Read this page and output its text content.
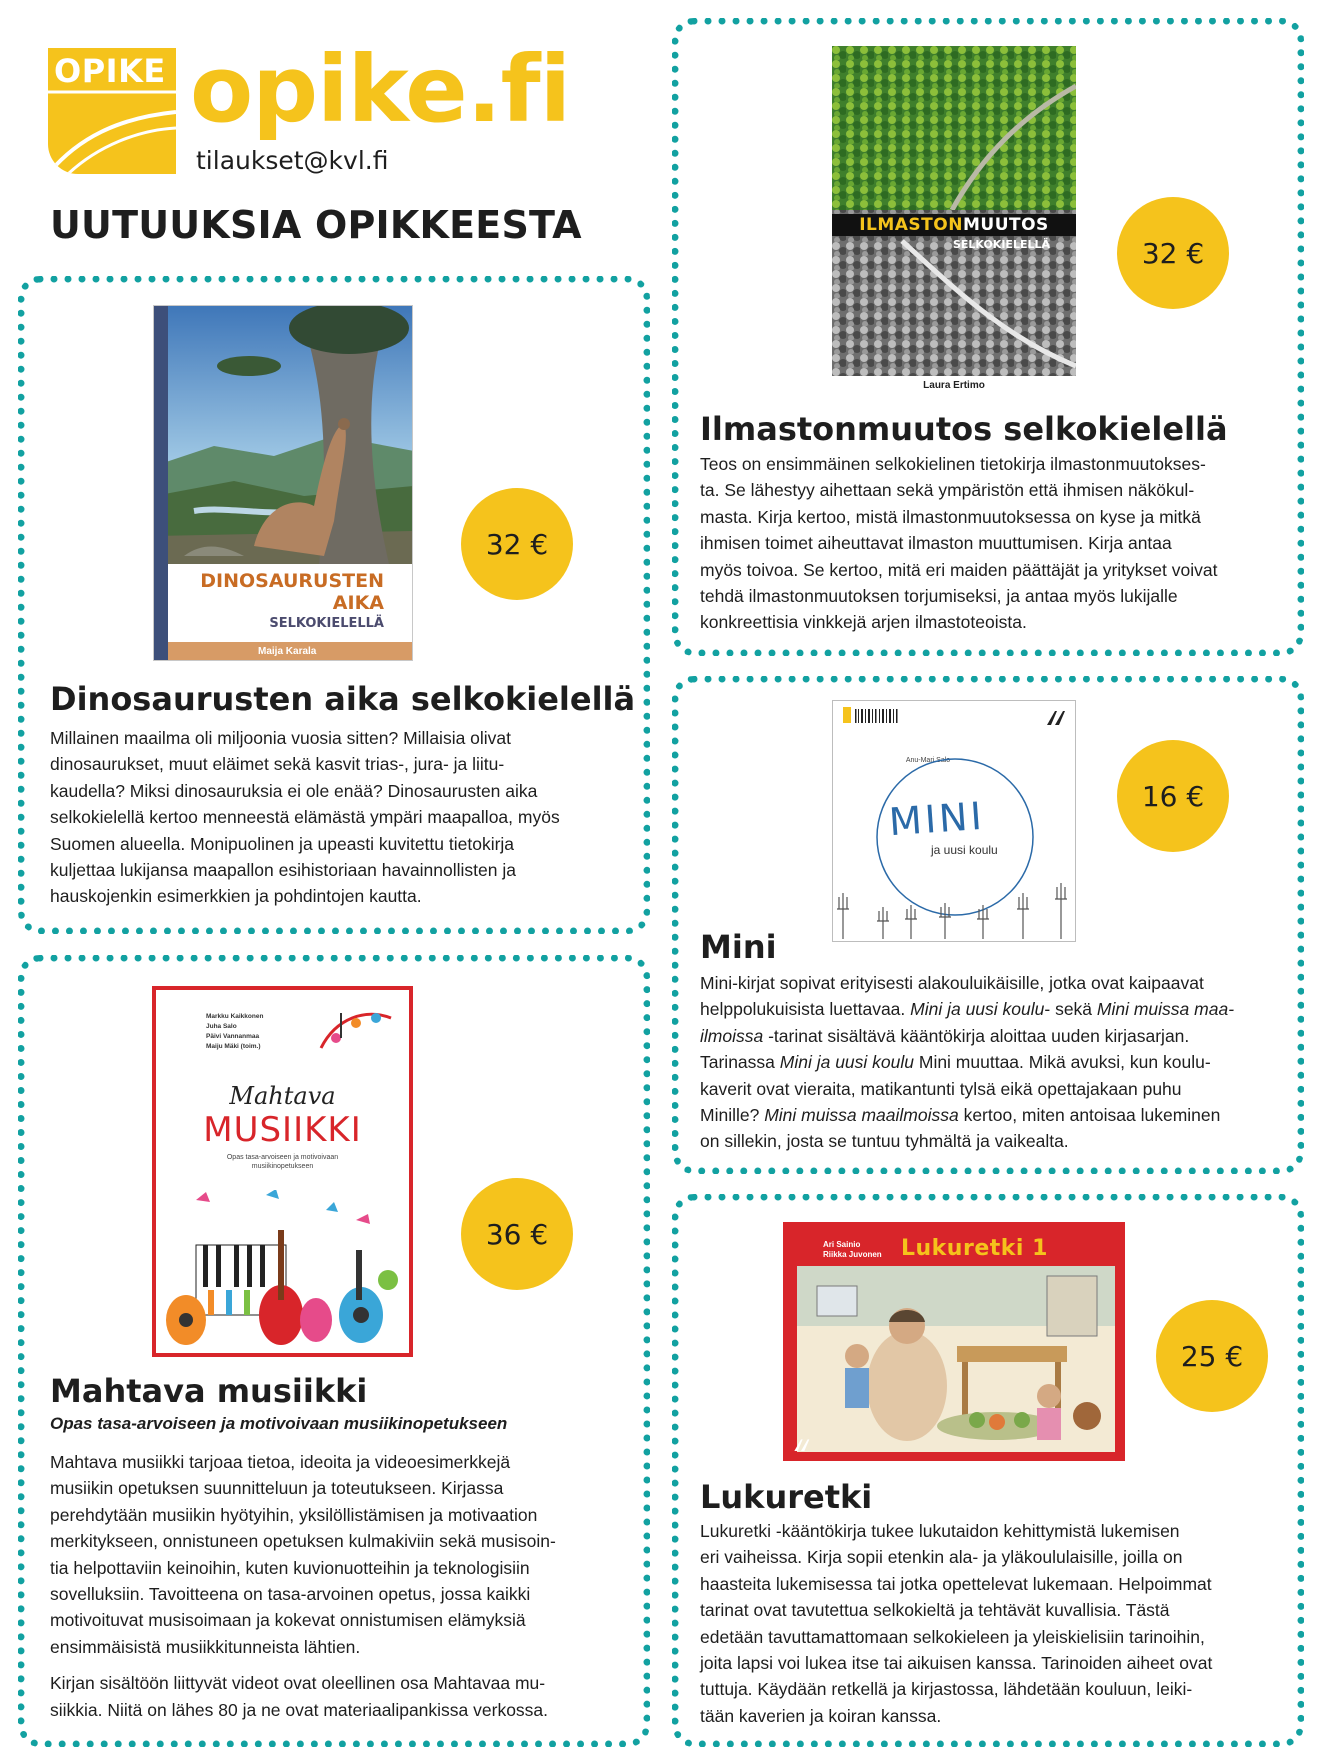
OPIKE opike.fi
tilaukset@kvl.fi
UUTUUKSIA OPIKKEESTA
DINOSAURUSTEN
AIKA
SELKOKIELELLÄ
Maija Karala
32 €
Dinosaurusten aika selkokielellä
Millainen maailma oli miljoonia vuosia sitten? Millaisia olivat
dinosaurukset, muut eläimet sekä kasvit trias-, jura- ja liitu-
kaudella? Miksi dinosauruksia ei ole enää? Dinosaurusten aika
selkokielellä kertoo menneestä elämästä ympäri maapalloa, myös
Suomen alueella. Monipuolinen ja upeasti kuvitettu tietokirja
kuljettaa lukijansa maapallon esihistoriaan havainnollisten ja
hauskojenkin esimerkkien ja pohdintojen kautta.
Markku Kaikkonen
Juha Salo
Päivi Vannanmaa
Maiju Mäki (toim.)
Mahtava
MUSIIKKI
Opas tasa-arvoiseen ja motivoivaan
musiikinopetukseen
36 €
Mahtava musiikki
Opas tasa-arvoiseen ja motivoivaan musiikinopetukseen

Mahtava musiikki tarjoaa tietoa, ideoita ja videoesimerkkejä
musiikin opetuksen suunnitteluun ja toteutukseen. Kirjassa
perehdytään musiikin hyötyihin, yksilöllistämisen ja motivaation
merkitykseen, onnistuneen opetuksen kulmakiviin sekä musisoin-
tia helpottaviin keinoihin, kuten kuvionuotteihin ja teknologisiin
sovelluksiin. Tavoitteena on tasa-arvoinen opetus, jossa kaikki
motivoituvat musisoimaan ja kokevat onnistumisen elämyksiä
ensimmäisistä musiikkitunneista lähtien.

Kirjan sisältöön liittyvät videot ovat oleellinen osa Mahtavaa mu-
siikkia. Niitä on lähes 80 ja ne ovat materiaalipankissa verkossa.

ILMASTONMUUTOS
SELKOKIELELLÄ
Laura Ertimo
32 €
Ilmastonmuutos selkokielellä
Teos on ensimmäinen selkokielinen tietokirja ilmastonmuutokses-
ta. Se lähestyy aihettaan sekä ympäristön että ihmisen näkökul-
masta. Kirja kertoo, mistä ilmastonmuutoksessa on kyse ja mitkä
ihmisen toimet aiheuttavat ilmaston muuttumisen. Kirja antaa
myös toivoa. Se kertoo, mitä eri maiden päättäjät ja yritykset voivat
tehdä ilmastonmuutoksen torjumiseksi, ja antaa myös lukijalle
konkreettisia vinkkejä arjen ilmastoteoista.
Anu-Mari Salo
MINI
ja uusi koulu
16 €
Mini
Mini-kirjat sopivat erityisesti alakouluikäisille, jotka ovat kaipaavat
helppolukuisista luettavaa. Mini ja uusi koulu- sekä Mini muissa maa-
ilmoissa -tarinat sisältävä kääntökirja aloittaa uuden kirjasarjan.
Tarinassa Mini ja uusi koulu Mini muuttaa. Mikä avuksi, kun koulu-
kaverit ovat vieraita, matikantunti tylsä eikä opettajakaan puhu
Minille? Mini muissa maailmoissa kertoo, miten antoisaa lukeminen
on sillekin, josta se tuntuu tyhmältä ja vaikealta.
Ari Sainio
Riikka Juvonen Lukuretki 1
25 €
Lukuretki
Lukuretki -kääntökirja tukee lukutaidon kehittymistä lukemisen
eri vaiheissa. Kirja sopii etenkin ala- ja yläkoululaisille, joilla on
haasteita lukemisessa tai jotka opettelevat lukemaan. Helpoimmat
tarinat ovat tavutettua selkokieltä ja tehtävät kuvallisia. Tästä
edetään tavuttamattomaan selkokieleen ja yleiskielisiin tarinoihin,
joita lapsi voi lukea itse tai aikuisen kanssa. Tarinoiden aiheet ovat
tuttuja. Käydään retkellä ja kirjastossa, lähdetään kouluun, leiki-
tään kaverien ja koiran kanssa.
